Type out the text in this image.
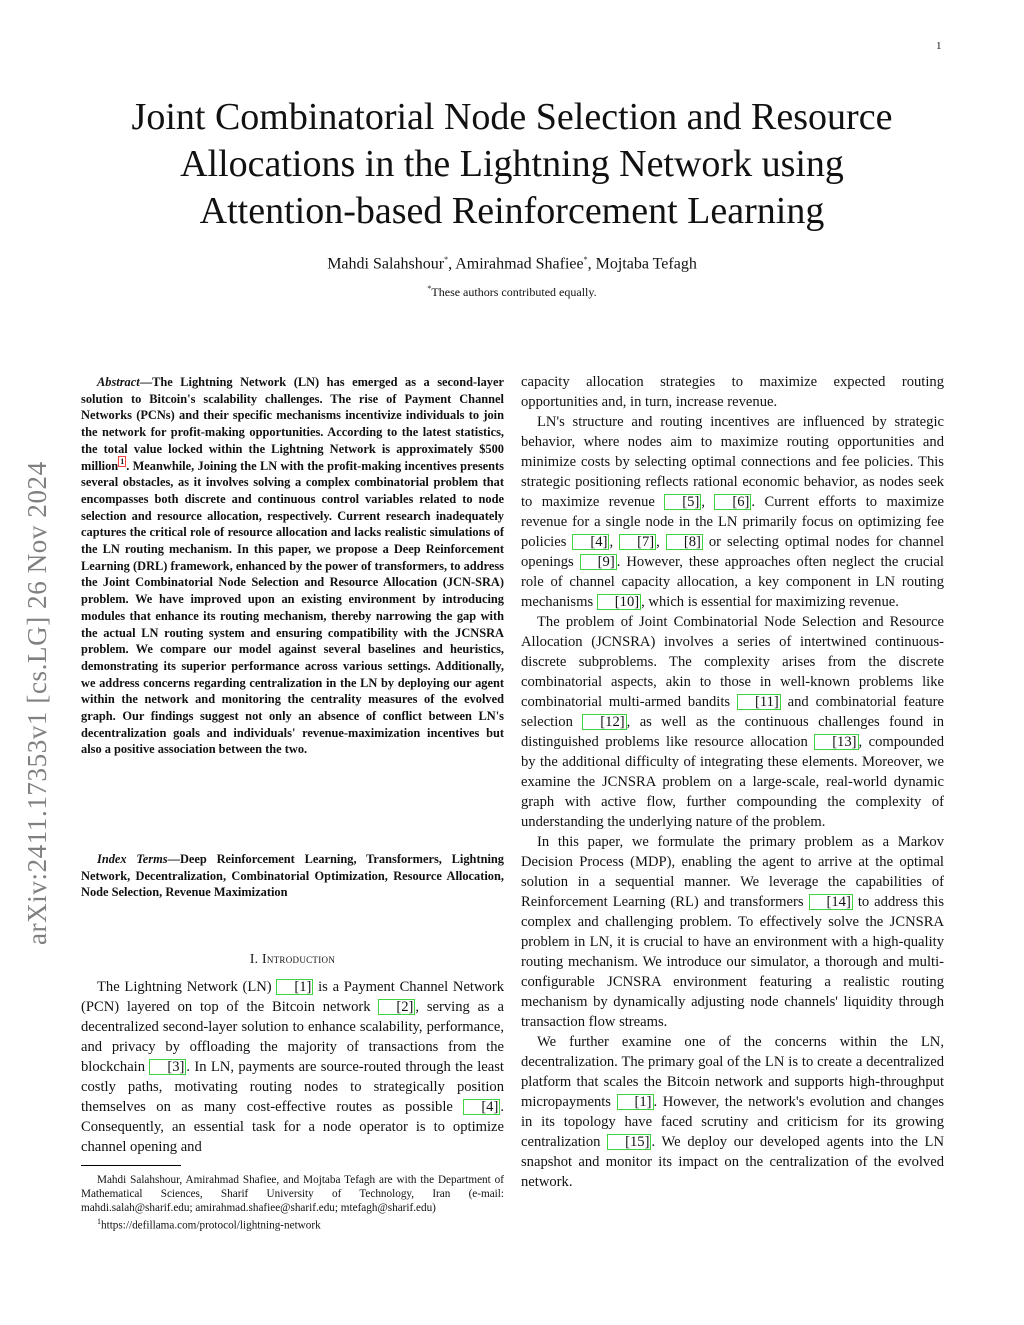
1
arXiv:2411.17353v1 [cs.LG] 26 Nov 2024
Joint Combinatorial Node Selection and Resource
Allocations in the Lightning Network using
Attention-based Reinforcement Learning
Mahdi Salahshour*, Amirahmad Shafiee*, Mojtaba Tefagh
*These authors contributed equally.

Abstract—The Lightning Network (LN) has emerged as a second-layer solution to Bitcoin's scalability challenges. The rise of Payment Channel Networks (PCNs) and their specific mechanisms incentivize individuals to join the network for profit-making opportunities. According to the latest statistics, the total value locked within the Lightning Network is approximately $500 million $^1$ . Meanwhile, Joining the LN with the profit-making incentives presents several obstacles, as it involves solving a complex combinatorial problem that encompasses both discrete and continuous control variables related to node selection and resource allocation, respectively. Current research inadequately captures the critical role of resource allocation and lacks realistic simulations of the LN routing mechanism. In this paper, we propose a Deep Reinforcement Learning (DRL) framework, enhanced by the power of transformers, to address the Joint Combinatorial Node Selection and Resource Allocation (JCN-SRA) problem. We have improved upon an existing environment by introducing modules that enhance its routing mechanism, thereby narrowing the gap with the actual LN routing system and ensuring compatibility with the JCNSRA problem. We compare our model against several baselines and heuristics, demonstrating its superior performance across various settings. Additionally, we address concerns regarding centralization in the LN by deploying our agent within the network and monitoring the centrality measures of the evolved graph. Our findings suggest not only an absence of conflict between LN's decentralization goals and individuals' revenue-maximization incentives but also a positive association between the two.

Index Terms—Deep Reinforcement Learning, Transformers, Lightning Network, Decentralization, Combinatorial Optimization, Resource Allocation, Node Selection, Revenue Maximization

I. Introduction

The Lightning Network (LN) [1] is a Payment Channel Network (PCN) layered on top of the Bitcoin network [2] , serving as a decentralized second-layer solution to enhance scalability, performance, and privacy by offloading the majority of transactions from the blockchain [3] . In LN, payments are source-routed through the least costly paths, motivating routing nodes to strategically position themselves on as many cost-effective routes as possible [4] . Consequently, an essential task for a node operator is to optimize channel opening and

Mahdi Salahshour, Amirahmad Shafiee, and Mojtaba Tefagh are with the Department of Mathematical Sciences, Sharif University of Technology, Iran (e-mail: mahdi.salah@sharif.edu; amirahmad.shafiee@sharif.edu; mtefagh@sharif.edu)

$^1$https://defillama.com/protocol/lightning-network

capacity allocation strategies to maximize expected routing opportunities and, in turn, increase revenue.

LN's structure and routing incentives are influenced by strategic behavior, where nodes aim to maximize routing opportunities and minimize costs by selecting optimal connections and fee policies. This strategic positioning reflects rational economic behavior, as nodes seek to maximize revenue [5] , [6] . Current efforts to maximize revenue for a single node in the LN primarily focus on optimizing fee policies [4] , [7] , [8] or selecting optimal nodes for channel openings [9] . However, these approaches often neglect the crucial role of channel capacity allocation, a key component in LN routing mechanisms [10] , which is essential for maximizing revenue.

The problem of Joint Combinatorial Node Selection and Resource Allocation (JCNSRA) involves a series of intertwined continuous-discrete subproblems. The complexity arises from the discrete combinatorial aspects, akin to those in well-known problems like combinatorial multi-armed bandits [11] and combinatorial feature selection [12] , as well as the continuous challenges found in distinguished problems like resource allocation [13] , compounded by the additional difficulty of integrating these elements. Moreover, we examine the JCNSRA problem on a large-scale, real-world dynamic graph with active flow, further compounding the complexity of understanding the underlying nature of the problem.

In this paper, we formulate the primary problem as a Markov Decision Process (MDP), enabling the agent to arrive at the optimal solution in a sequential manner. We leverage the capabilities of Reinforcement Learning (RL) and transformers [14] to address this complex and challenging problem. To effectively solve the JCNSRA problem in LN, it is crucial to have an environment with a high-quality routing mechanism. We introduce our simulator, a thorough and multi-configurable JCNSRA environment featuring a realistic routing mechanism by dynamically adjusting node channels' liquidity through transaction flow streams.

We further examine one of the concerns within the LN, decentralization. The primary goal of the LN is to create a decentralized platform that scales the Bitcoin network and supports high-throughput micropayments [1] . However, the network's evolution and changes in its topology have faced scrutiny and criticism for its growing centralization [15] . We deploy our developed agents into the LN snapshot and monitor its impact on the centralization of the evolved network.
